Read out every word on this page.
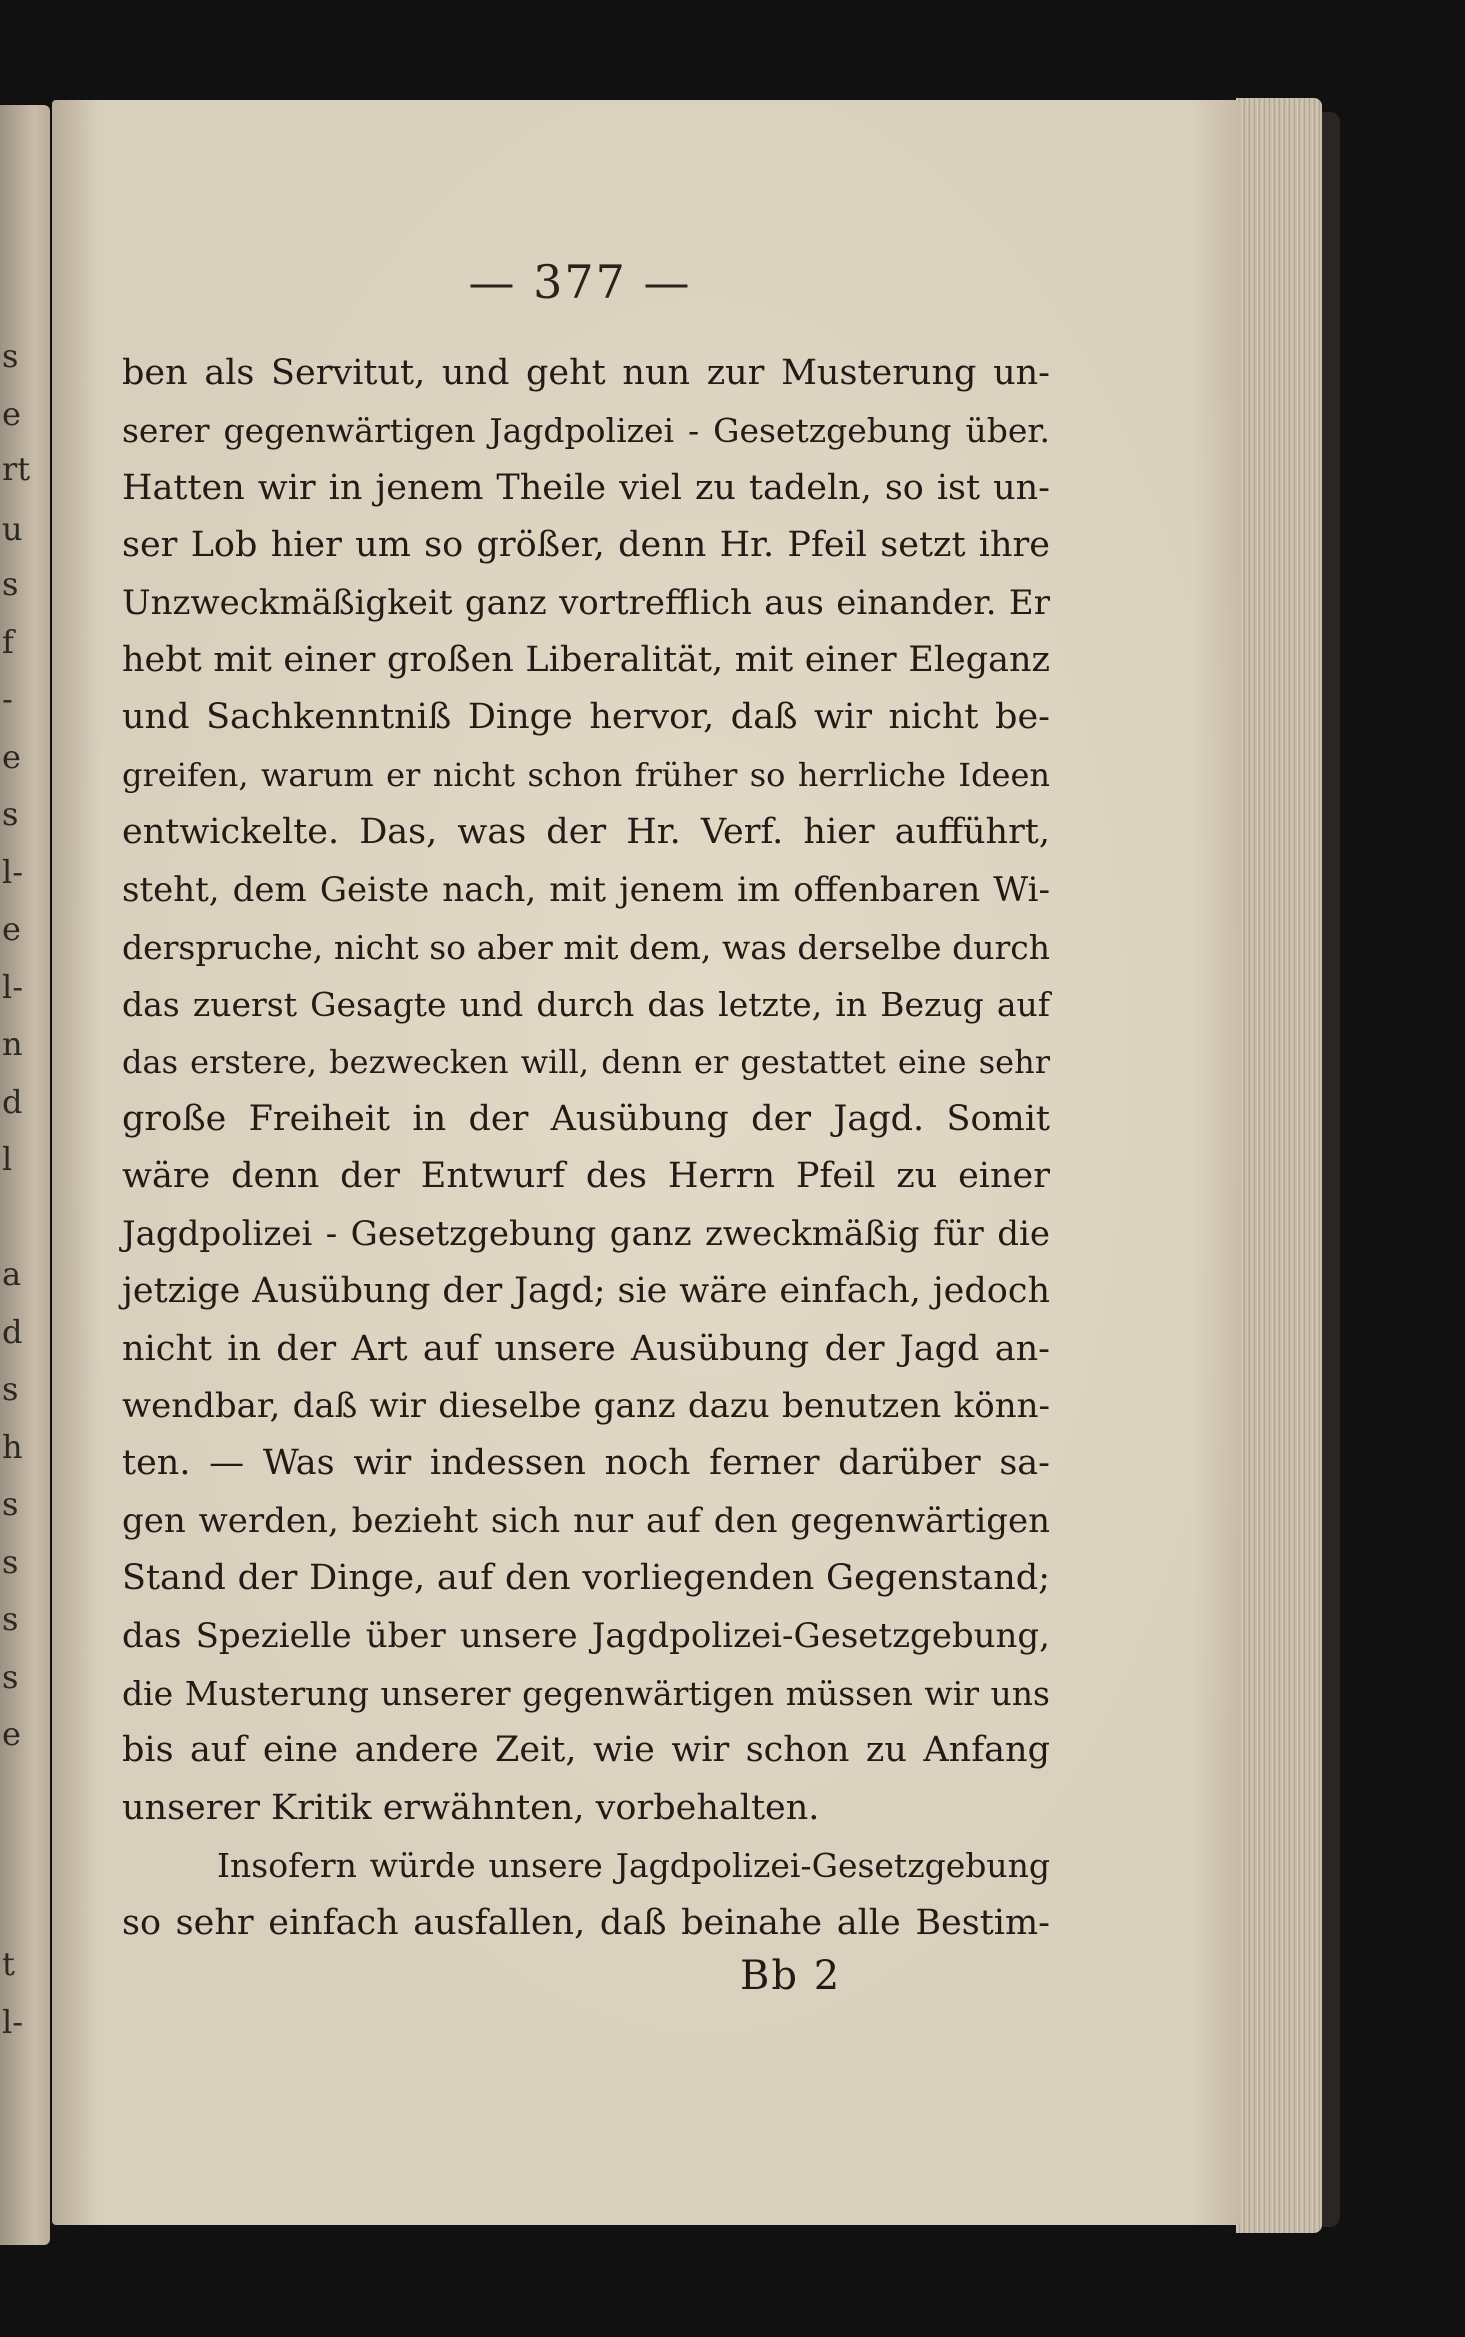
s
e
rt
u
s
f
-
e
s
l-
e
l-
n
d
l
a
d
s
h
s
s
s
s
e
t
l-
— 377 —
ben als Servitut, und geht nun zur Musterung un-
serer gegenwärtigen Jagdpolizei - Gesetzgebung über.
Hatten wir in jenem Theile viel zu tadeln, so ist un-
ser Lob hier um so größer, denn Hr. Pfeil setzt ihre
Unzweckmäßigkeit ganz vortrefflich aus einander. Er
hebt mit einer großen Liberalität, mit einer Eleganz
und Sachkenntniß Dinge hervor, daß wir nicht be-
greifen, warum er nicht schon früher so herrliche Ideen
entwickelte. Das, was der Hr. Verf. hier aufführt,
steht, dem Geiste nach, mit jenem im offenbaren Wi-
derspruche, nicht so aber mit dem, was derselbe durch
das zuerst Gesagte und durch das letzte, in Bezug auf
das erstere, bezwecken will, denn er gestattet eine sehr
große Freiheit in der Ausübung der Jagd. Somit
wäre denn der Entwurf des Herrn Pfeil zu einer
Jagdpolizei - Gesetzgebung ganz zweckmäßig für die
jetzige Ausübung der Jagd; sie wäre einfach, jedoch
nicht in der Art auf unsere Ausübung der Jagd an-
wendbar, daß wir dieselbe ganz dazu benutzen könn-
ten. — Was wir indessen noch ferner darüber sa-
gen werden, bezieht sich nur auf den gegenwärtigen
Stand der Dinge, auf den vorliegenden Gegenstand;
das Spezielle über unsere Jagdpolizei-Gesetzgebung,
die Musterung unserer gegenwärtigen müssen wir uns
bis auf eine andere Zeit, wie wir schon zu Anfang
unserer Kritik erwähnten, vorbehalten.
Insofern würde unsere Jagdpolizei-Gesetzgebung
so sehr einfach ausfallen, daß beinahe alle Bestim-
Bb 2
